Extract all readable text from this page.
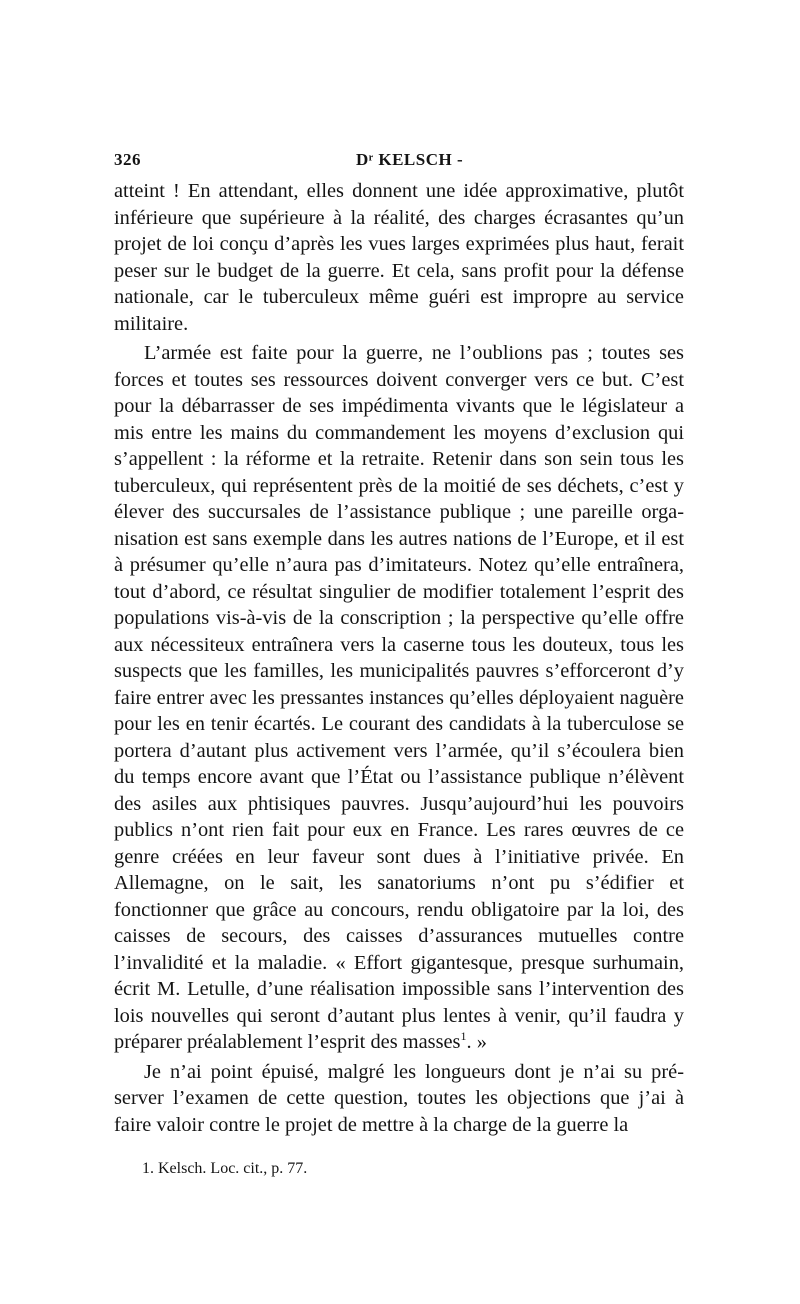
326	Dʳ KELSCH -

atteint ! En attendant, elles donnent une idée approximative, plutôt inférieure que supérieure à la réalité, des charges écrasantes qu’un projet de loi conçu d’après les vues larges exprimées plus haut, ferait peser sur le budget de la guerre. Et cela, sans profit pour la défense nationale, car le tuberculeux même guéri est impropre au service militaire.

L’armée est faite pour la guerre, ne l’oublions pas ; toutes ses forces et toutes ses ressources doivent converger vers ce but. C’est pour la débarrasser de ses impédimenta vivants que le législateur a mis entre les mains du commandement les moyens d’exclusion qui s’appellent : la réforme et la retraite. Retenir dans son sein tous les tuberculeux, qui représentent près de la moitié de ses déchets, c’est y élever des succursales de l’assistance publique ; une pareille organisation est sans exemple dans les autres nations de l’Europe, et il est à présumer qu’elle n’aura pas d’imitateurs. Notez qu’elle entraînera, tout d’abord, ce résultat singulier de modifier totalement l’esprit des populations vis-à-vis de la conscription ; la perspective qu’elle offre aux nécessiteux entraînera vers la caserne tous les douteux, tous les suspects que les familles, les municipalités pauvres s’efforceront d’y faire entrer avec les pressantes instances qu’elles déployaient naguère pour les en tenir écartés. Le courant des candidats à la tuberculose se portera d’autant plus activement vers l’armée, qu’il s’écoulera bien du temps encore avant que l’État ou l’assistance publique n’élèvent des asiles aux phtisiques pauvres. Jusqu’aujourd’hui les pouvoirs publics n’ont rien fait pour eux en France. Les rares œuvres de ce genre créées en leur faveur sont dues à l’initiative privée. En Allemagne, on le sait, les sanatoriums n’ont pu s’édifier et fonctionner que grâce au concours, rendu obligatoire par la loi, des caisses de secours, des caisses d’assurances mutuelles contre l’invalidité et la maladie. « Effort gigantesque, presque surhumain, écrit M. Letulle, d’une réalisation impossible sans l’intervention des lois nouvelles qui seront d’autant plus lentes à venir, qu’il faudra y préparer préalablement l’esprit des masses$^1$. »

Je n’ai point épuisé, malgré les longueurs dont je n’ai su préserver l’examen de cette question, toutes les objections que j’ai à faire valoir contre le projet de mettre à la charge de la guerre la

1. Kelsch. Loc. cit., p. 77.
